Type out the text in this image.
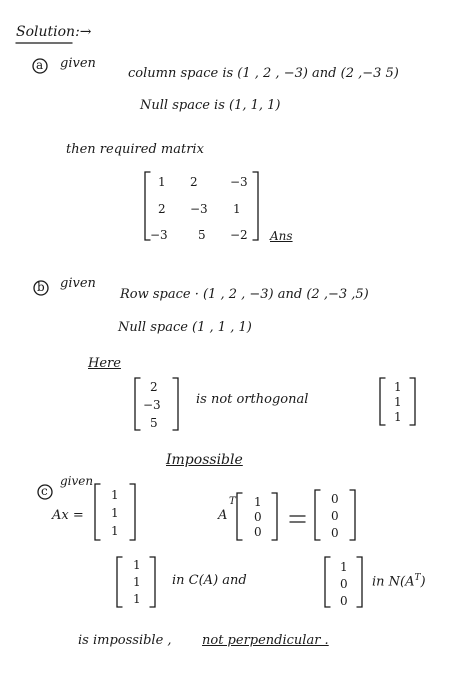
Solution:→
a given
column space is (1 , 2 , −3) and (2 ,−3 5)
Null space is (1, 1, 1)
then required matrix
1 2	−3
2 −3 1
−3	5 −2 Ans
b given
Row space · (1 , 2 , −3) and (2 ,−3 ,5)
Null space (1 , 1 , 1)
Here
2
−3
5
is not orthogonal
1
1
1
Impossible
c
given
Ax =
1
1
1
A
T 1
0
0
0
0
0
1
1
1
in C(A) and
1
0
0
in $N(A^T)$
is impossible , not perpendicular .
